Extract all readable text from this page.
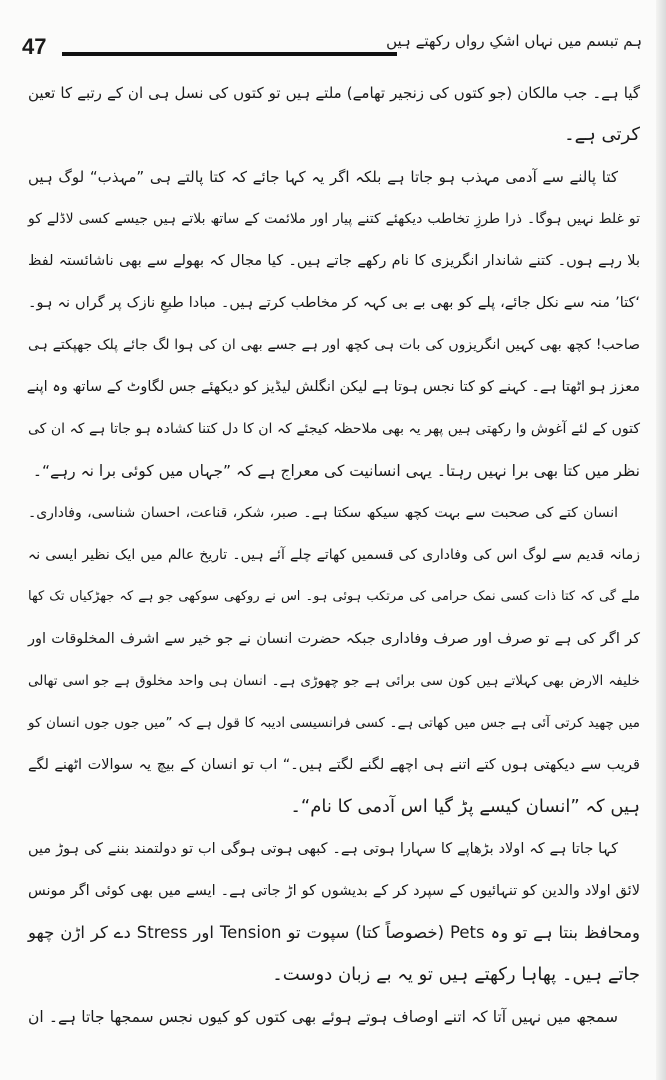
47	ہم تبسم میں نہاں اشکِ رواں رکھتے ہیں
گیا ہے۔ جب مالکان (جو کتوں کی زنجیر تھامے) ملتے ہیں تو کتوں کی نسل ہی ان کے رتبے کا تعین
کرتی ہے۔
کتا پالنے سے آدمی مہذب ہو جاتا ہے بلکہ اگر یہ کہا جائے کہ کتا پالتے ہی ”مہذب“ لوگ ہیں
تو غلط نہیں ہوگا۔ ذرا طرزِ تخاطب دیکھئے کتنے پیار اور ملائمت کے ساتھ بلاتے ہیں جیسے کسی لاڈلے کو
بلا رہے ہوں۔ کتنے شاندار انگریزی کا نام رکھے جاتے ہیں۔ کیا مجال کہ بھولے سے بھی ناشائستہ لفظ
‘کتا’ منہ سے نکل جائے، پلے کو بھی بے بی کہہ کر مخاطب کرتے ہیں۔ مبادا طبعِ نازک پر گراں نہ ہو۔
صاحب! کچھ بھی کہیں انگریزوں کی بات ہی کچھ اور ہے جسے بھی ان کی ہوا لگ جائے پلک جھپکتے ہی
معزز ہو اٹھتا ہے۔ کہنے کو کتا نجس ہوتا ہے لیکن انگلش لیڈیز کو دیکھئے جس لگاوٹ کے ساتھ وہ اپنے
کتوں کے لئے آغوش وا رکھتی ہیں پھر یہ بھی ملاحظہ کیجئے کہ ان کا دل کتنا کشادہ ہو جاتا ہے کہ ان کی
نظر میں کتا بھی برا نہیں رہتا۔ یہی انسانیت کی معراج ہے کہ ”جہاں میں کوئی برا نہ رہے“۔
انسان کتے کی صحبت سے بہت کچھ سیکھ سکتا ہے۔ صبر، شکر، قناعت، احسان شناسی، وفاداری۔
زمانہ قدیم سے لوگ اس کی وفاداری کی قسمیں کھاتے چلے آئے ہیں۔ تاریخ عالم میں ایک نظیر ایسی نہ
ملے گی کہ کتا ذات کسی نمک حرامی کی مرتکب ہوئی ہو۔ اس نے روکھی سوکھی جو ہے کہ جھڑکیاں تک کھا
کر اگر کی ہے تو صرف اور صرف وفاداری جبکہ حضرت انسان نے جو خیر سے اشرف المخلوقات اور
خلیفہ الارض بھی کہلاتے ہیں کون سی برائی ہے جو چھوڑی ہے۔ انسان ہی واحد مخلوق ہے جو اسی تھالی
میں چھید کرتی آئی ہے جس میں کھاتی ہے۔ کسی فرانسیسی ادیبہ کا قول ہے کہ ”میں جوں جوں انسان کو
قریب سے دیکھتی ہوں کتے اتنے ہی اچھے لگنے لگتے ہیں۔“ اب تو انسان کے بیچ یہ سوالات اٹھنے لگے
ہیں کہ ”انسان کیسے پڑ گیا اس آدمی کا نام“۔
کہا جاتا ہے کہ اولاد بڑھاپے کا سہارا ہوتی ہے۔ کبھی ہوتی ہوگی اب تو دولتمند بننے کی ہوڑ میں
لائق اولاد والدین کو تنہائیوں کے سپرد کر کے بدیشوں کو اڑ جاتی ہے۔ ایسے میں بھی کوئی اگر مونس
ومحافظ بنتا ہے تو وہ Pets (خصوصاً کتا) سپوت تو Tension اور Stress دے کر اڑن چھو
جاتے ہیں۔ پھاہا رکھتے ہیں تو یہ بے زبان دوست۔
سمجھ میں نہیں آتا کہ اتنے اوصاف ہوتے ہوئے بھی کتوں کو کیوں نجس سمجھا جاتا ہے۔ ان
